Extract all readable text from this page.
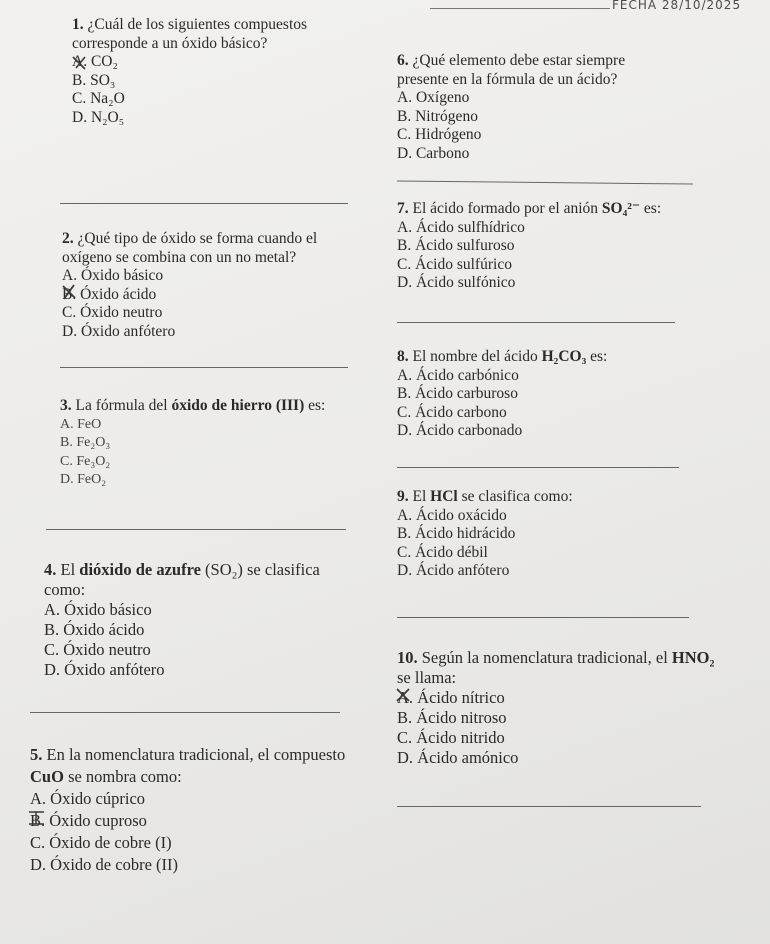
FECHA 28/10/2025
1. ¿Cuál de los siguientes compuestos corresponde a un óxido básico?
A. CO₂
B. SO₃
C. Na₂O
D. N₂O₅
2. ¿Qué tipo de óxido se forma cuando el oxígeno se combina con un no metal?
A. Óxido básico
B. Óxido ácido
C. Óxido neutro
D. Óxido anfótero
3. La fórmula del óxido de hierro (III) es:
A. FeO
B. Fe₂O₃
C. Fe₃O₂
D. FeO₂
4. El dióxido de azufre (SO₂) se clasifica como:
A. Óxido básico
B. Óxido ácido
C. Óxido neutro
D. Óxido anfótero
5. En la nomenclatura tradicional, el compuesto CuO se nombra como:
A. Óxido cúprico
B. Óxido cuproso
C. Óxido de cobre (I)
D. Óxido de cobre (II)
6. ¿Qué elemento debe estar siempre presente en la fórmula de un ácido?
A. Oxígeno
B. Nitrógeno
C. Hidrógeno
D. Carbono
7. El ácido formado por el anión SO₄²⁻ es:
A. Ácido sulfhídrico
B. Ácido sulfuroso
C. Ácido sulfúrico
D. Ácido sulfónico
8. El nombre del ácido H₂CO₃ es:
A. Ácido carbónico
B. Ácido carburoso
C. Ácido carbono
D. Ácido carbonado
9. El HCl se clasifica como:
A. Ácido oxácido
B. Ácido hidrácido
C. Ácido débil
D. Ácido anfótero
10. Según la nomenclatura tradicional, el HNO₂ se llama:
A. Ácido nítrico
B. Ácido nitroso
C. Ácido nitrido
D. Ácido amónico
